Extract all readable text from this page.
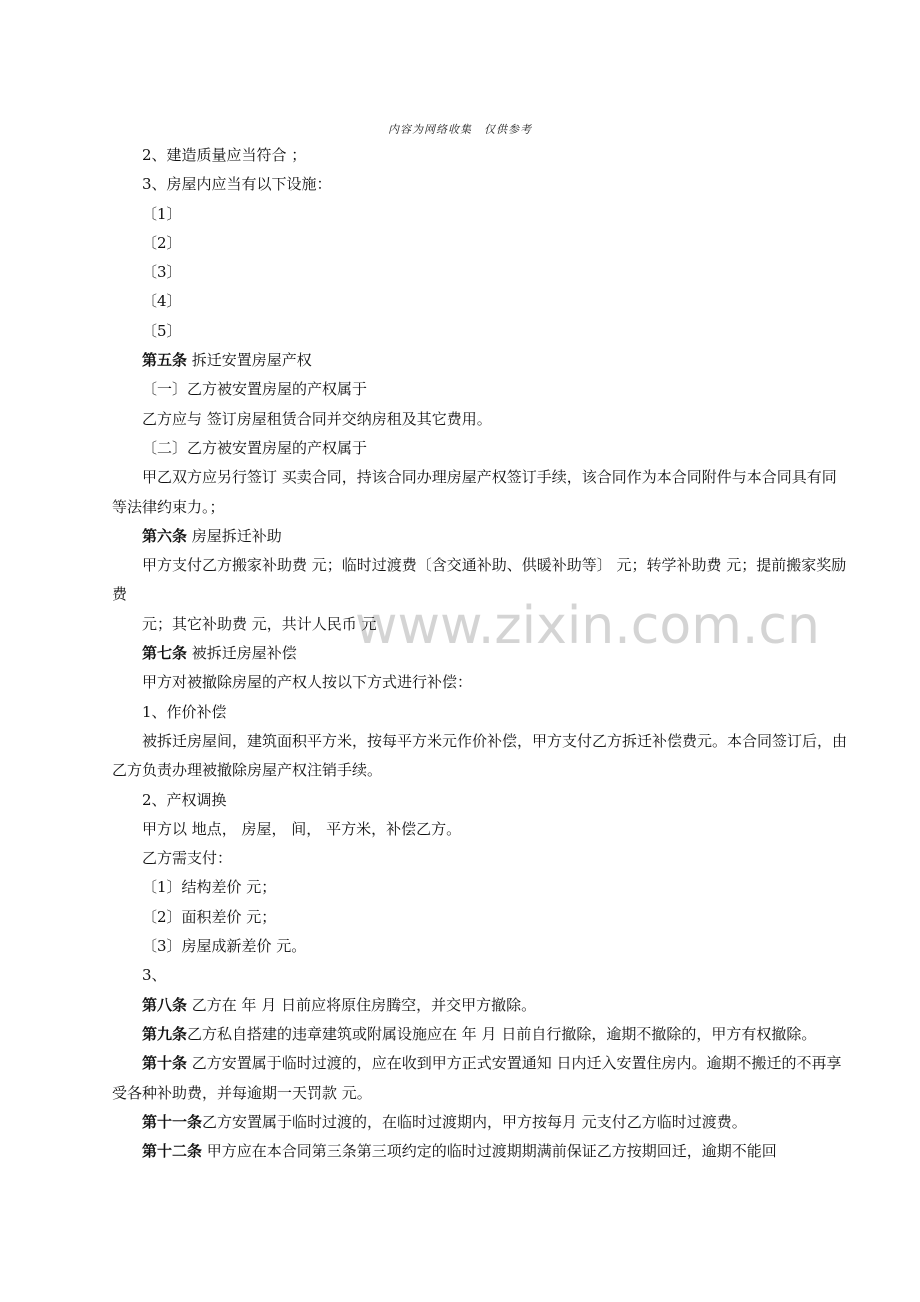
内容为网络收集　仅供参考
www.zixin.com.cn

2、建造质量应当符合 ；

3、房屋内应当有以下设施：

〔1〕

〔2〕

〔3〕

〔4〕

〔5〕

第五条 拆迁安置房屋产权

〔一〕乙方被安置房屋的产权属于

乙方应与 签订房屋租赁合同并交纳房租及其它费用。

〔二〕乙方被安置房屋的产权属于

甲乙双方应另行签订 买卖合同，持该合同办理房屋产权签订手续，该合同作为本合同附件与本合同具有同等法律约束力。；

第六条 房屋拆迁补助

甲方支付乙方搬家补助费 元；临时过渡费〔含交通补助、供暖补助等〕 元；转学补助费 元；提前搬家奖励费

元；其它补助费 元，共计人民币 元

第七条 被拆迁房屋补偿

甲方对被撤除房屋的产权人按以下方式进行补偿：

1、作价补偿

被拆迁房屋间，建筑面积平方米，按每平方米元作价补偿，甲方支付乙方拆迁补偿费元。本合同签订后，由乙方负责办理被撤除房屋产权注销手续。

2、产权调换

甲方以 地点， 房屋， 间， 平方米，补偿乙方。

乙方需支付：

〔1〕结构差价 元；

〔2〕面积差价 元；

〔3〕房屋成新差价 元。

3、

第八条 乙方在 年 月 日前应将原住房腾空，并交甲方撤除。

第九条乙方私自搭建的违章建筑或附属设施应在 年 月 日前自行撤除，逾期不撤除的，甲方有权撤除。

第十条 乙方安置属于临时过渡的，应在收到甲方正式安置通知 日内迁入安置住房内。逾期不搬迁的不再享受各种补助费，并每逾期一天罚款 元。

第十一条乙方安置属于临时过渡的，在临时过渡期内，甲方按每月 元支付乙方临时过渡费。

第十二条 甲方应在本合同第三条第三项约定的临时过渡期期满前保证乙方按期回迁，逾期不能回
